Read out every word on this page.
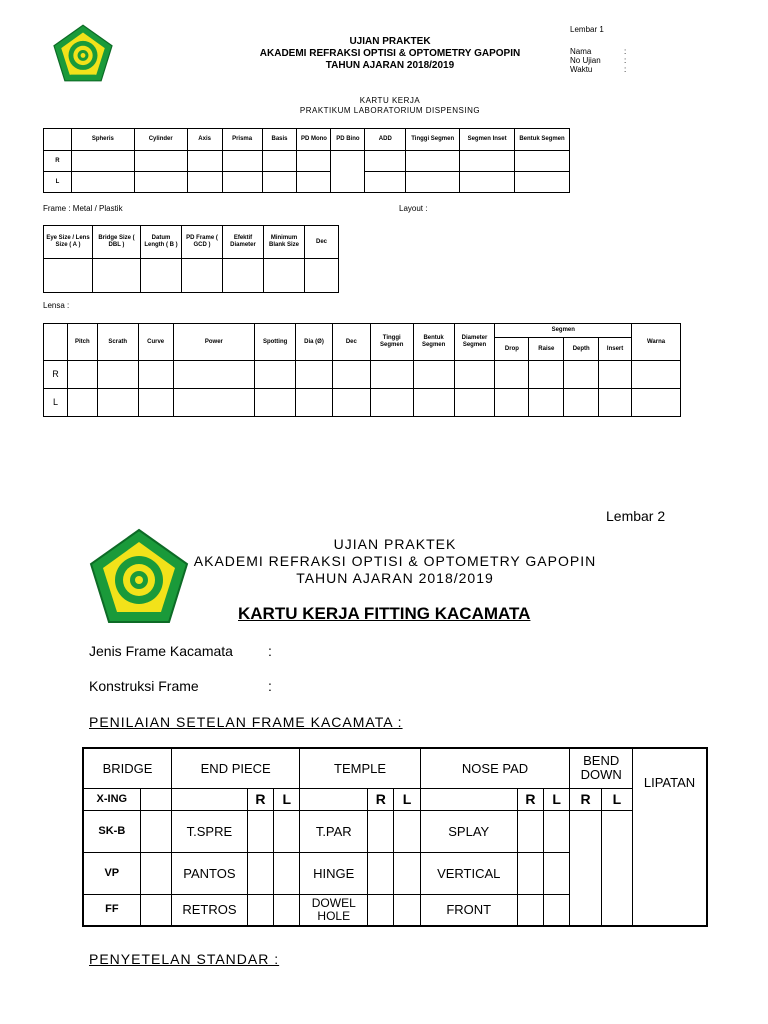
Lembar 1
UJIAN PRAKTEK
AKADEMI REFRAKSI OPTISI & OPTOMETRY GAPOPIN
TAHUN AJARAN 2018/2019
Nama
No Ujian
Waktu
:
:
:
KARTU KERJA
PRAKTIKUM LABORATORIUM DISPENSING
	Spheris	Cylinder	Axis	Prisma	Basis	PD Mono	PD Bino	ADD	Tinggi Segmen	Segmen Inset	Bentuk Segmen
R											
L											
Frame : Metal / Plastik	Layout :
Eye Size / Lens Size ( A )	Bridge Size ( DBL )	Datum Length ( B )	PD Frame ( GCD )	Efektif Diameter	Minimum Blank Size	Dec

Lensa :
	Pitch	Scrath	Curve	Power	Spotting	Dia (Ø)	Dec	Tinggi Segmen	Bentuk Segmen	Diameter Segmen	Segmen				Warna
											Drop	Raise	Depth	Insert	
R															
L															
Lembar 2
UJIAN PRAKTEK
AKADEMI REFRAKSI OPTISI & OPTOMETRY GAPOPIN
TAHUN AJARAN 2018/2019
KARTU KERJA FITTING KACAMATA
Jenis Frame Kacamata	:
Konstruksi Frame	:
PENILAIAN SETELAN FRAME KACAMATA :
BRIDGE		END PIECE			TEMPLE			NOSE PAD			BEND DOWN		LIPATAN
X-ING			R	L		R	L		R	L	R	L	
SK-B		T.SPRE			T.PAR			SPLAY					
VP		PANTOS			HINGE			VERTICAL					
FF		RETROS			DOWEL HOLE			FRONT					
PENYETELAN STANDAR :
